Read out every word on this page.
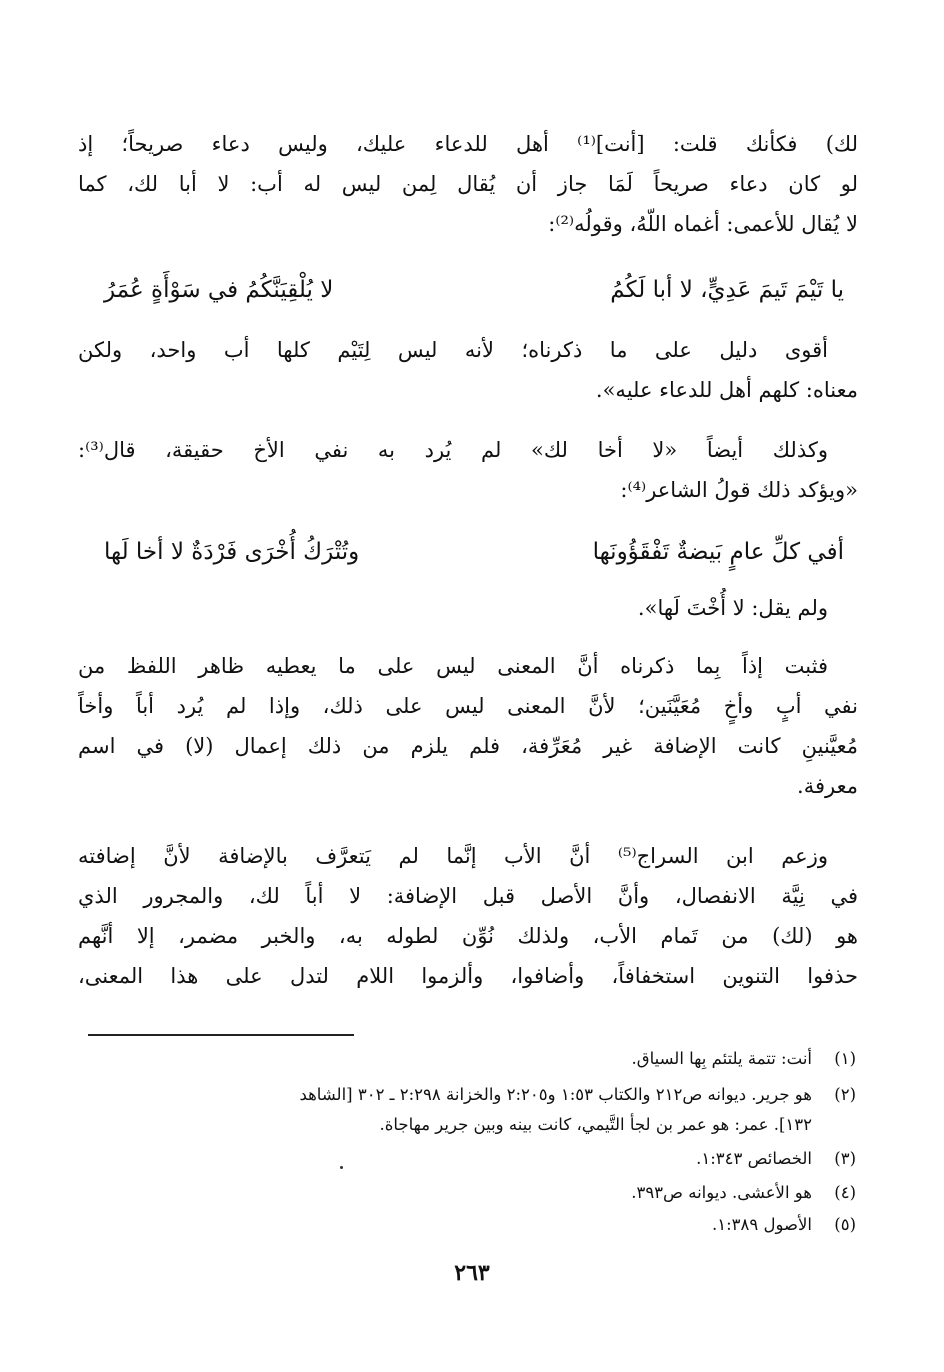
لك) فكأنك قلت: [أنت]⁽¹⁾ أهل للدعاء عليك، وليس دعاء صريحاً؛ إذ
لو كان دعاء صريحاً لَمَا جاز أن يُقال لِمن ليس له أب: لا أبا لك، كما
لا يُقال للأعمى: أغماه اللّهُ، وقولُه⁽²⁾:
يا تَيْمَ تَيمَ عَدِيٍّ، لا أبا لَكُمُ
لا يُلْقِيَنَّكُمُ في سَوْأَةٍ عُمَرُ
أقوى دليل على ما ذكرناه؛ لأنه ليس لِتَيْم كلها أب واحد، ولكن
معناه: كلهم أهل للدعاء عليه».
وكذلك أيضاً «لا أخا لك» لم يُرد به نفي الأخ حقيقة، قال⁽³⁾:
«ويؤكد ذلك قولُ الشاعر⁽⁴⁾:
أفي كلِّ عامٍ بَيضةٌ تَفْقَؤُونَها
وتُتْرَكُ أُخْرَى فَرْدَةٌ لا أخا لَها
ولم يقل: لا أُخْتَ لَها».
فثبت إذاً بِما ذكرناه أنَّ المعنى ليس على ما يعطيه ظاهر اللفظ من
نفي أبٍ وأخٍ مُعَيَّنَين؛ لأنَّ المعنى ليس على ذلك، وإذا لم يُرد أباً وأخاً
مُعيَّنينِ كانت الإضافة غير مُعَرِّفة، فلم يلزم من ذلك إعمال (لا) في اسم
معرفة.
وزعم ابن السراج⁽⁵⁾ أنَّ الأب إنَّما لم يَتعرَّف بالإضافة لأنَّ إضافته
في نِيَّة الانفصال، وأنَّ الأصل قبل الإضافة: لا أباً لك، والمجرور الذي
هو (لك) من تَمام الأب، ولذلك نُوِّن لطوله به، والخبر مضمر، إلا أنَّهم
حذفوا التنوين استخفافاً، وأضافوا، وألزموا اللام لتدل على هذا المعنى،
(١)أنت: تتمة يلتئم بِها السياق.
(٢)هو جرير. ديوانه ص٢١٢ والكتاب ١:٥٣ و٢:٢٠٥ والخزانة ٢:٢٩٨ ـ ٣٠٢ [الشاهد
١٣٢]. عمر: هو عمر بن لجأ التَّيمي، كانت بينه وبين جرير مهاجاة.
(٣)الخصائص ١:٣٤٣.
(٤)هو الأعشى. ديوانه ص٣٩٣.
(٥)الأصول ١:٣٨٩.
٢٦٣
